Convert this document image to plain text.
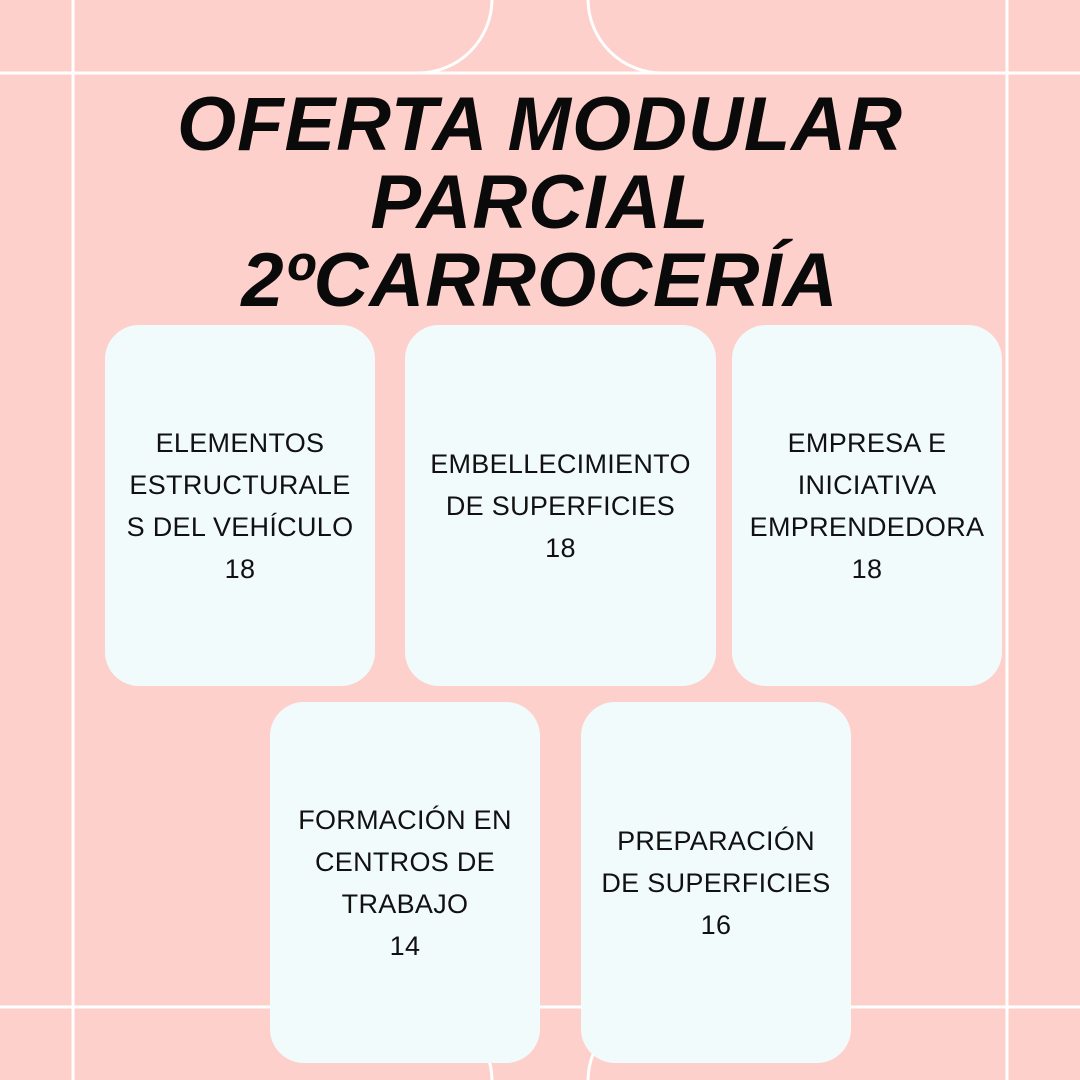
OFERTA MODULAR
PARCIAL
2ºCARROCERÍA
ELEMENTOS
ESTRUCTURALE
S DEL VEHÍCULO
18
EMBELLECIMIENTO
DE SUPERFICIES
18
EMPRESA E
INICIATIVA
EMPRENDEDORA
18
FORMACIÓN EN
CENTROS DE
TRABAJO
14
PREPARACIÓN
DE SUPERFICIES
16
